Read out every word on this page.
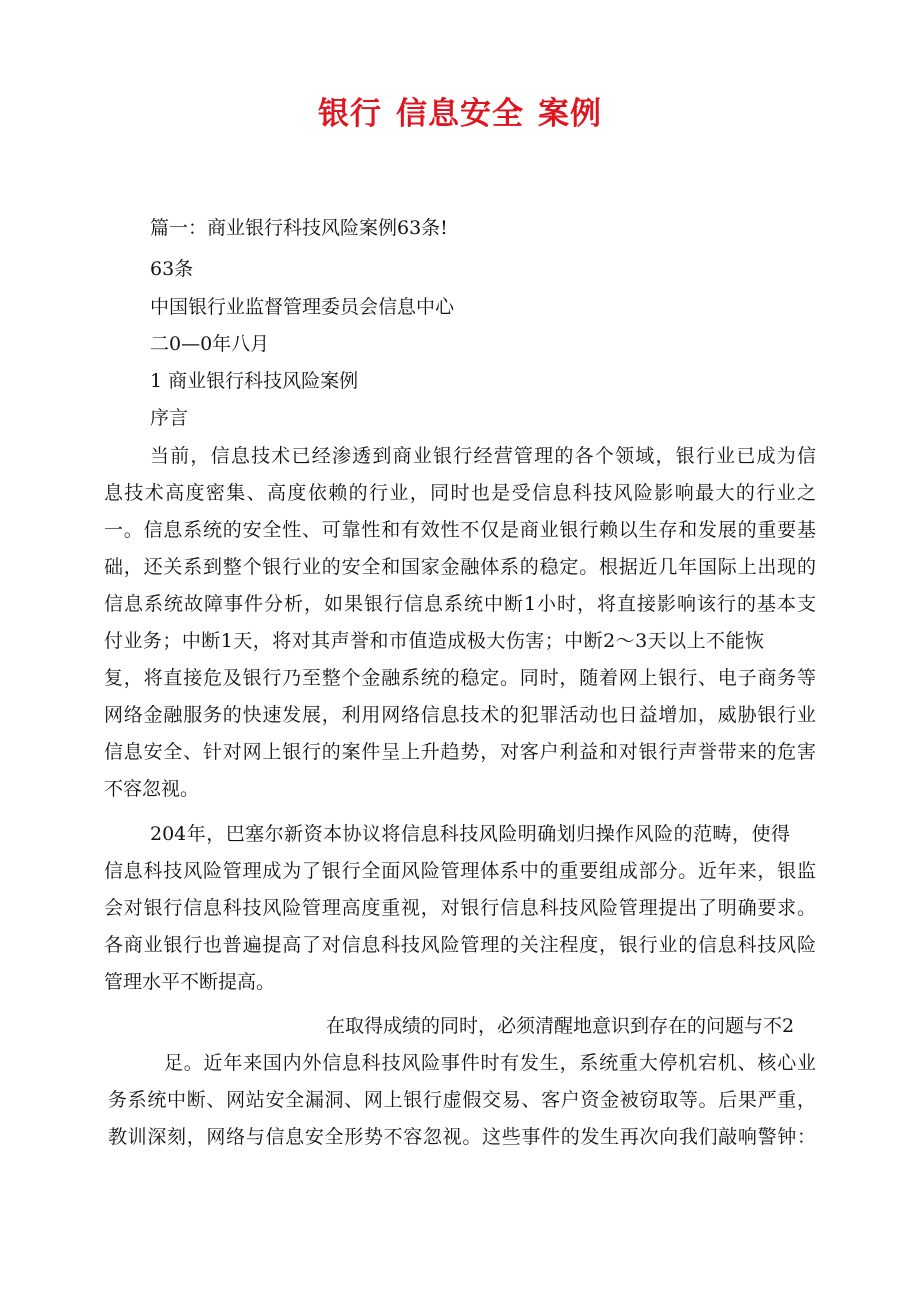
银行 信息安全 案例
篇一：商业银行科技风险案例63条!
63条
中国银行业监督管理委员会信息中心
二0—0年八月
1 商业银行科技风险案例
序言
当前，信息技术已经渗透到商业银行经营管理的各个领域，银行业已成为信
息技术高度密集、高度依赖的行业，同时也是受信息科技风险影响最大的行业之
一。信息系统的安全性、可靠性和有效性不仅是商业银行赖以生存和发展的重要基
础，还关系到整个银行业的安全和国家金融体系的稳定。根据近几年国际上出现的
信息系统故障事件分析，如果银行信息系统中断1小时，将直接影响该行的基本支
付业务；中断1天，将对其声誉和市值造成极大伤害；中断2～3天以上不能恢
复，将直接危及银行乃至整个金融系统的稳定。同时，随着网上银行、电子商务等
网络金融服务的快速发展，利用网络信息技术的犯罪活动也日益增加，威胁银行业
信息安全、针对网上银行的案件呈上升趋势，对客户利益和对银行声誉带来的危害
不容忽视。
204年，巴塞尔新资本协议将信息科技风险明确划归操作风险的范畴，使得
信息科技风险管理成为了银行全面风险管理体系中的重要组成部分。近年来，银监
会对银行信息科技风险管理高度重视，对银行信息科技风险管理提出了明确要求。
各商业银行也普遍提高了对信息科技风险管理的关注程度，银行业的信息科技风险
管理水平不断提高。
在取得成绩的同时，必须清醒地意识到存在的问题与不2
足。近年来国内外信息科技风险事件时有发生，系统重大停机宕机、核心业
务系统中断、网站安全漏洞、网上银行虚假交易、客户资金被窃取等。后果严重，
教训深刻，网络与信息安全形势不容忽视。这些事件的发生再次向我们敲响警钟：
